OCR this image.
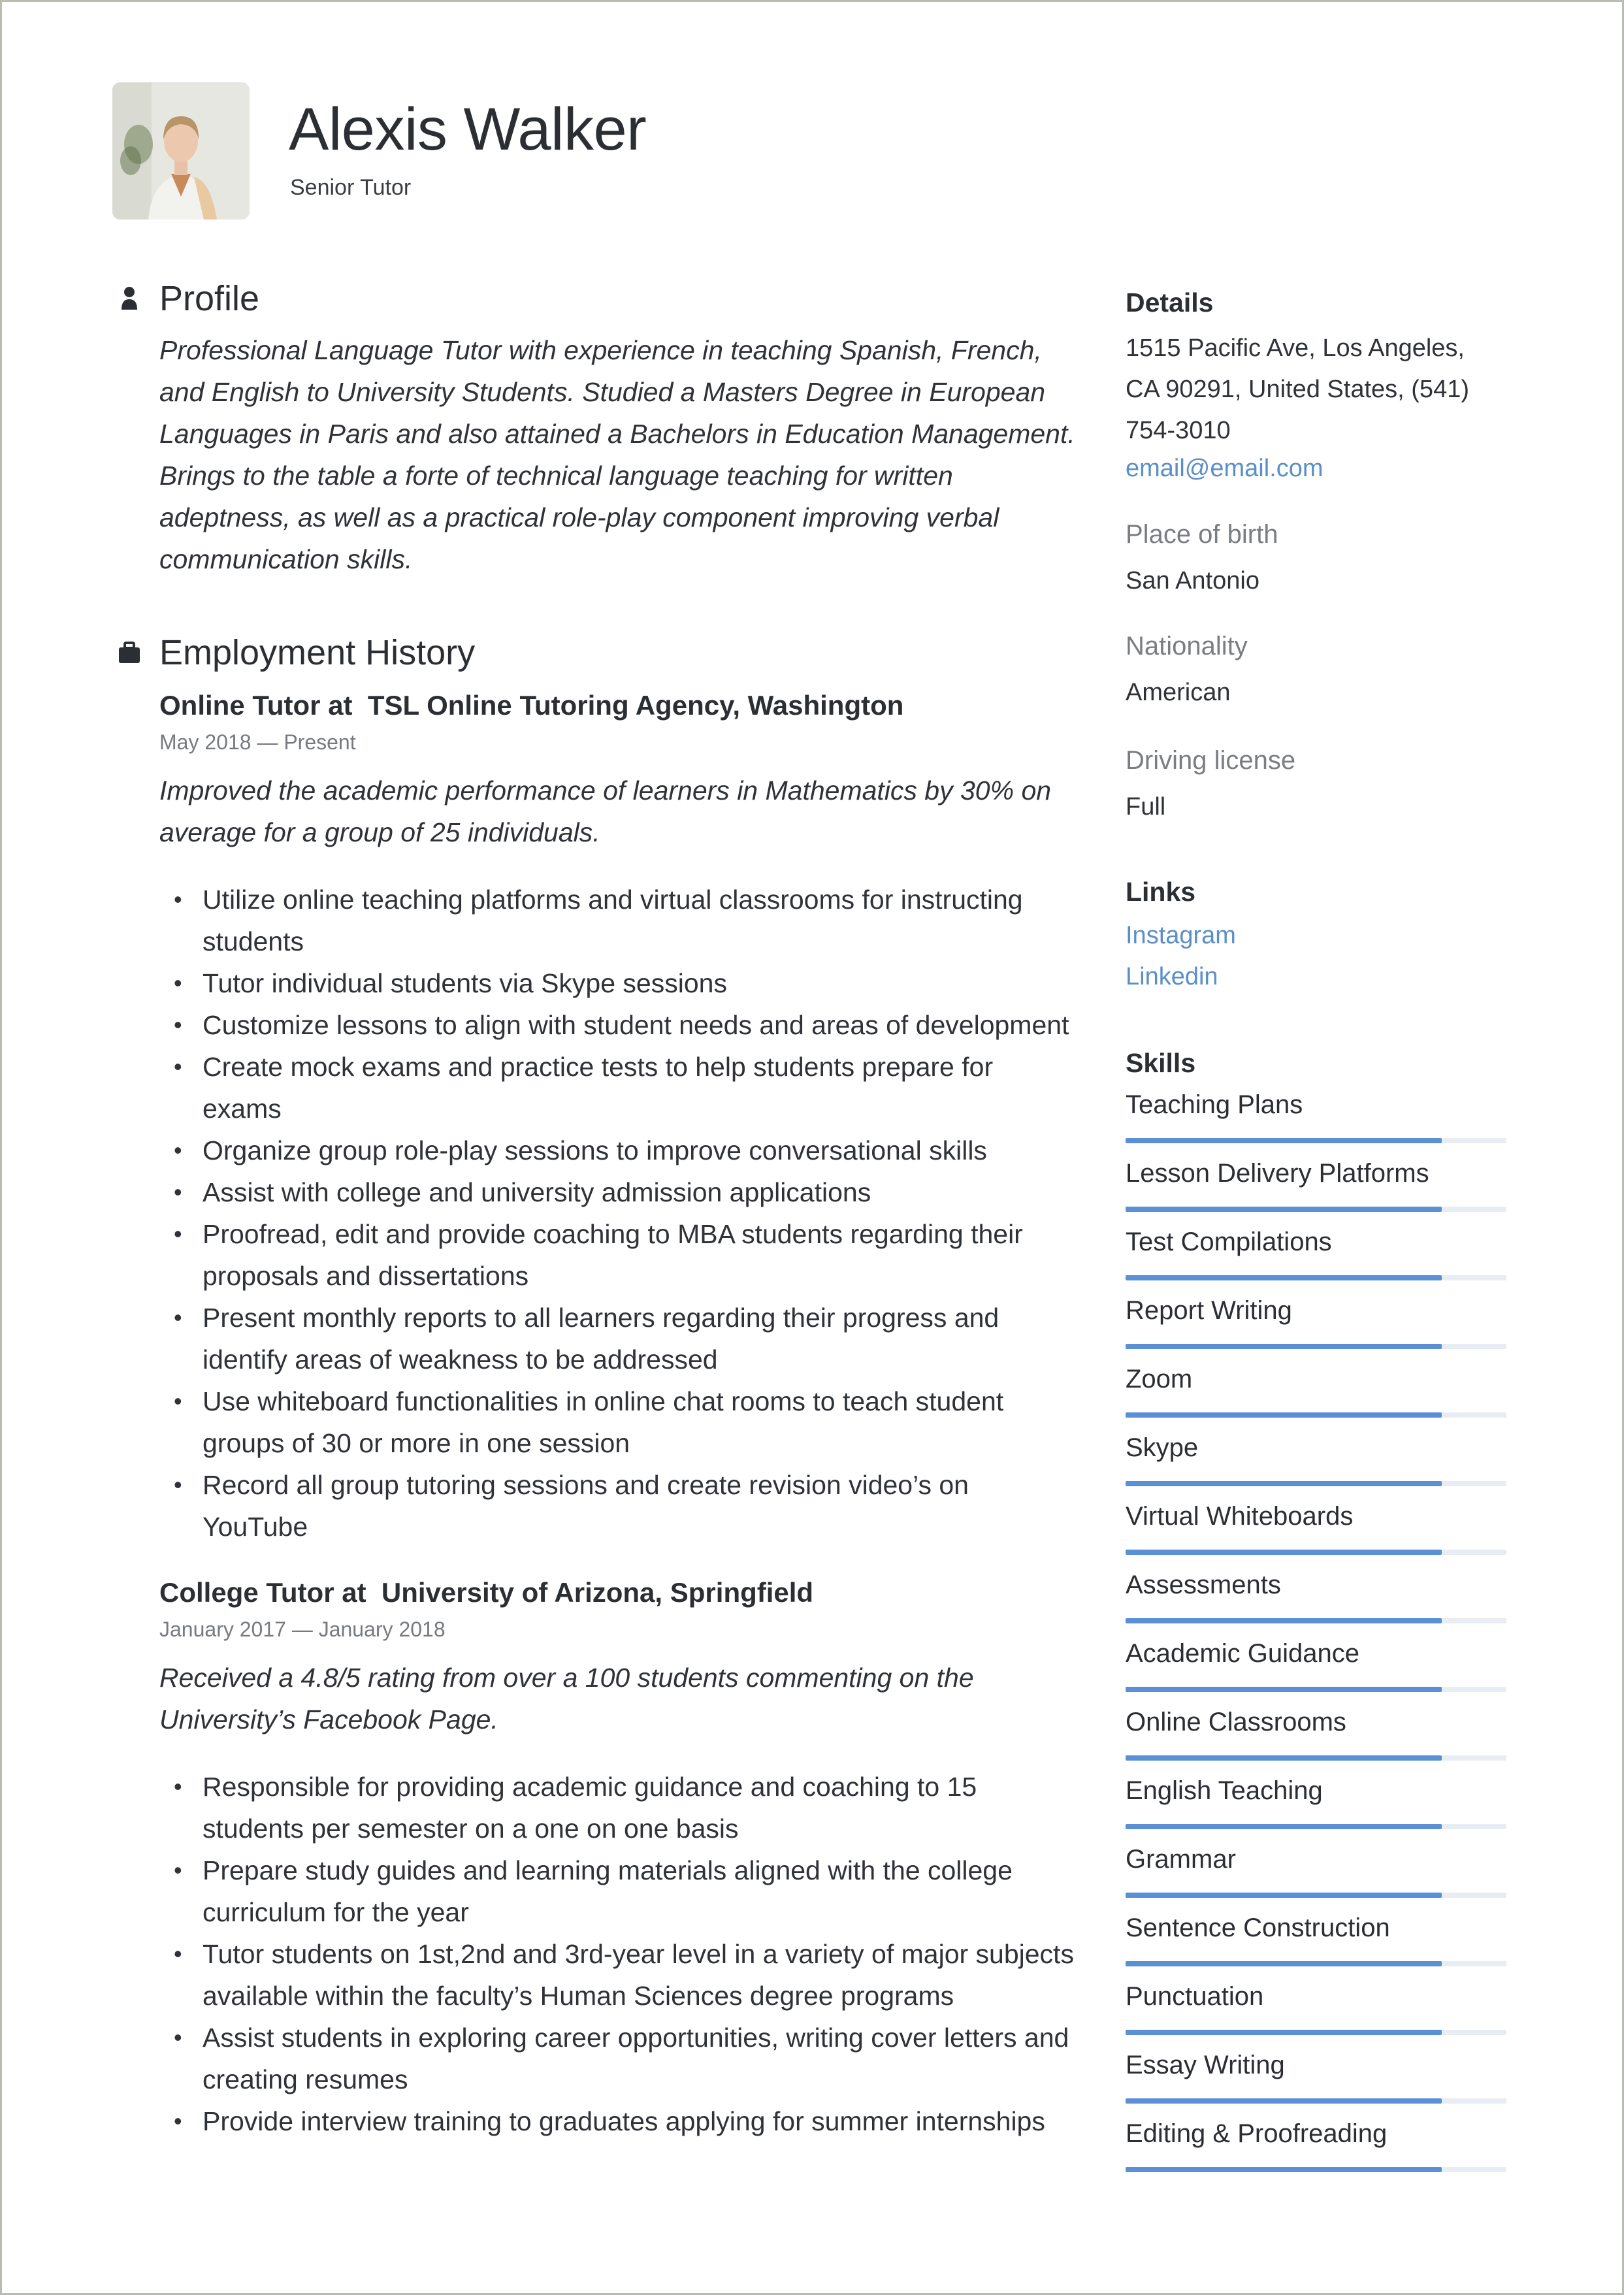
Alexis Walker
Senior Tutor
Profile

Professional Language Tutor with experience in teaching Spanish, French, and English to University Students. Studied a Masters Degree in European Languages in Paris and also attained a Bachelors in Education Management. Brings to the table a forte of technical language teaching for written adeptness, as well as a practical role-play component improving verbal communication skills.

Employment History
Online Tutor at  TSL Online Tutoring Agency, Washington
May 2018 — Present

Improved the academic performance of learners in Mathematics by 30% on average for a group of 25 individuals.

• Utilize online teaching platforms and virtual classrooms for instructing students
• Tutor individual students via Skype sessions
• Customize lessons to align with student needs and areas of development
• Create mock exams and practice tests to help students prepare for exams
• Organize group role-play sessions to improve conversational skills
• Assist with college and university admission applications
• Proofread, edit and provide coaching to MBA students regarding their proposals and dissertations
• Present monthly reports to all learners regarding their progress and identify areas of weakness to be addressed
• Use whiteboard functionalities in online chat rooms to teach student groups of 30 or more in one session
• Record all group tutoring sessions and create revision video’s on YouTube
College Tutor at  University of Arizona, Springfield
January 2017 — January 2018

Received a 4.8/5 rating from over a 100 students commenting on the University’s Facebook Page.

• Responsible for providing academic guidance and coaching to 15 students per semester on a one on one basis
• Prepare study guides and learning materials aligned with the college curriculum for the year
• Tutor students on 1st,2nd and 3rd-year level in a variety of major subjects available within the faculty’s Human Sciences degree programs
• Assist students in exploring career opportunities, writing cover letters and creating resumes
• Provide interview training to graduates applying for summer internships
Details

1515 Pacific Ave, Los Angeles, CA 90291, United States, (541) 754-3010

email@email.com
Place of birth
San Antonio
Nationality
American
Driving license
Full
Links
Instagram
Linkedin
Skills
Teaching Plans
Lesson Delivery Platforms
Test Compilations
Report Writing
Zoom
Skype
Virtual Whiteboards
Assessments
Academic Guidance
Online Classrooms
English Teaching
Grammar
Sentence Construction
Punctuation
Essay Writing
Editing & Proofreading
